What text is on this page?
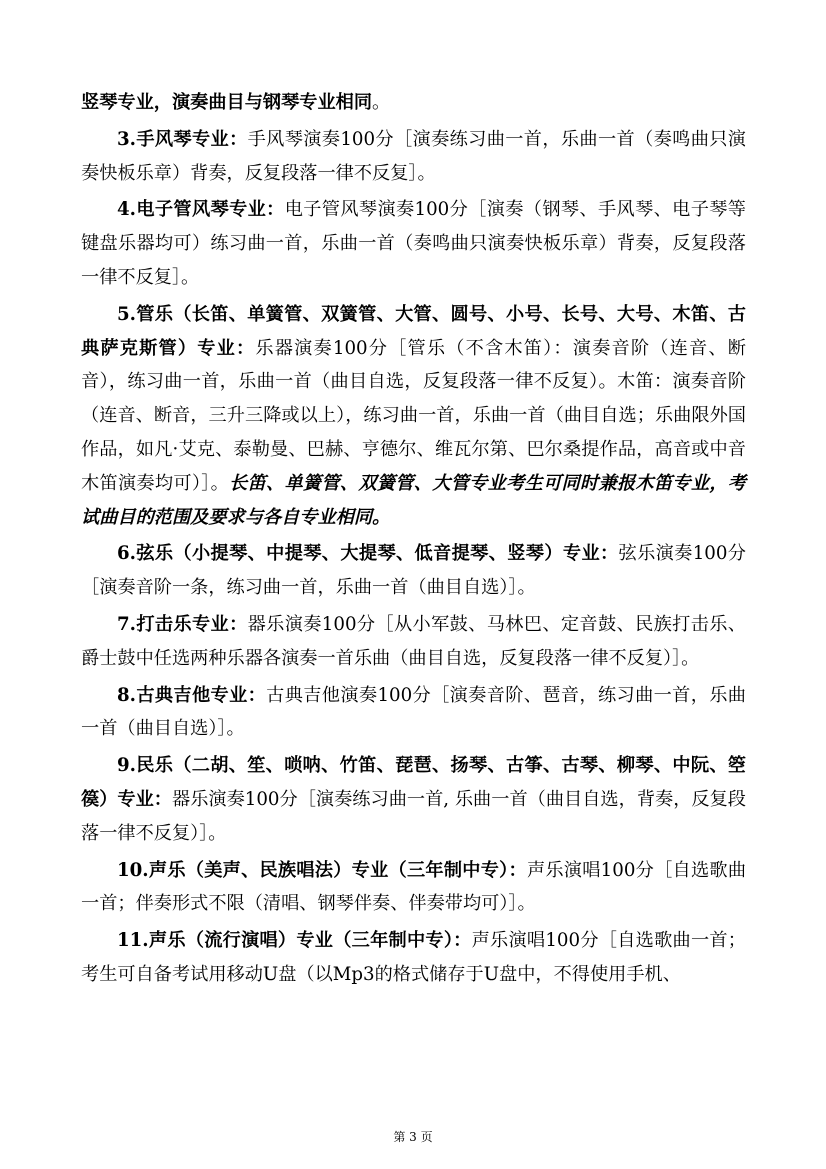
竖琴专业，演奏曲目与钢琴专业相同。

3.手风琴专业：手风琴演奏100分［演奏练习曲一首，乐曲一首（奏鸣曲只演奏快板乐章）背奏，反复段落一律不反复］。

4.电子管风琴专业：电子管风琴演奏100分［演奏（钢琴、手风琴、电子琴等键盘乐器均可）练习曲一首，乐曲一首（奏鸣曲只演奏快板乐章）背奏，反复段落一律不反复］。

5.管乐（长笛、单簧管、双簧管、大管、圆号、小号、长号、大号、木笛、古典萨克斯管）专业：乐器演奏100分［管乐（不含木笛）：演奏音阶（连音、断音），练习曲一首，乐曲一首（曲目自选，反复段落一律不反复）。木笛：演奏音阶（连音、断音，三升三降或以上），练习曲一首，乐曲一首（曲目自选；乐曲限外国作品，如凡·艾克、泰勒曼、巴赫、亨德尔、维瓦尔第、巴尔桑提作品，高音或中音木笛演奏均可）］。长笛、单簧管、双簧管、大管专业考生可同时兼报木笛专业，考试曲目的范围及要求与各自专业相同。

6.弦乐（小提琴、中提琴、大提琴、低音提琴、竖琴）专业：弦乐演奏100分［演奏音阶一条，练习曲一首，乐曲一首（曲目自选）］。

7.打击乐专业：器乐演奏100分［从小军鼓、马林巴、定音鼓、民族打击乐、爵士鼓中任选两种乐器各演奏一首乐曲（曲目自选，反复段落一律不反复）］。

8.古典吉他专业：古典吉他演奏100分［演奏音阶、琶音，练习曲一首，乐曲一首（曲目自选）］。

9.民乐（二胡、笙、唢呐、竹笛、琵琶、扬琴、古筝、古琴、柳琴、中阮、箜篌）专业：器乐演奏100分［演奏练习曲一首, 乐曲一首（曲目自选，背奏，反复段落一律不反复）］。

10.声乐（美声、民族唱法）专业（三年制中专）：声乐演唱100分［自选歌曲一首；伴奏形式不限（清唱、钢琴伴奏、伴奏带均可）］。

11.声乐（流行演唱）专业（三年制中专）：声乐演唱100分［自选歌曲一首；考生可自备考试用移动U盘（以Mp3的格式储存于U盘中，不得使用手机、

第 3 页
